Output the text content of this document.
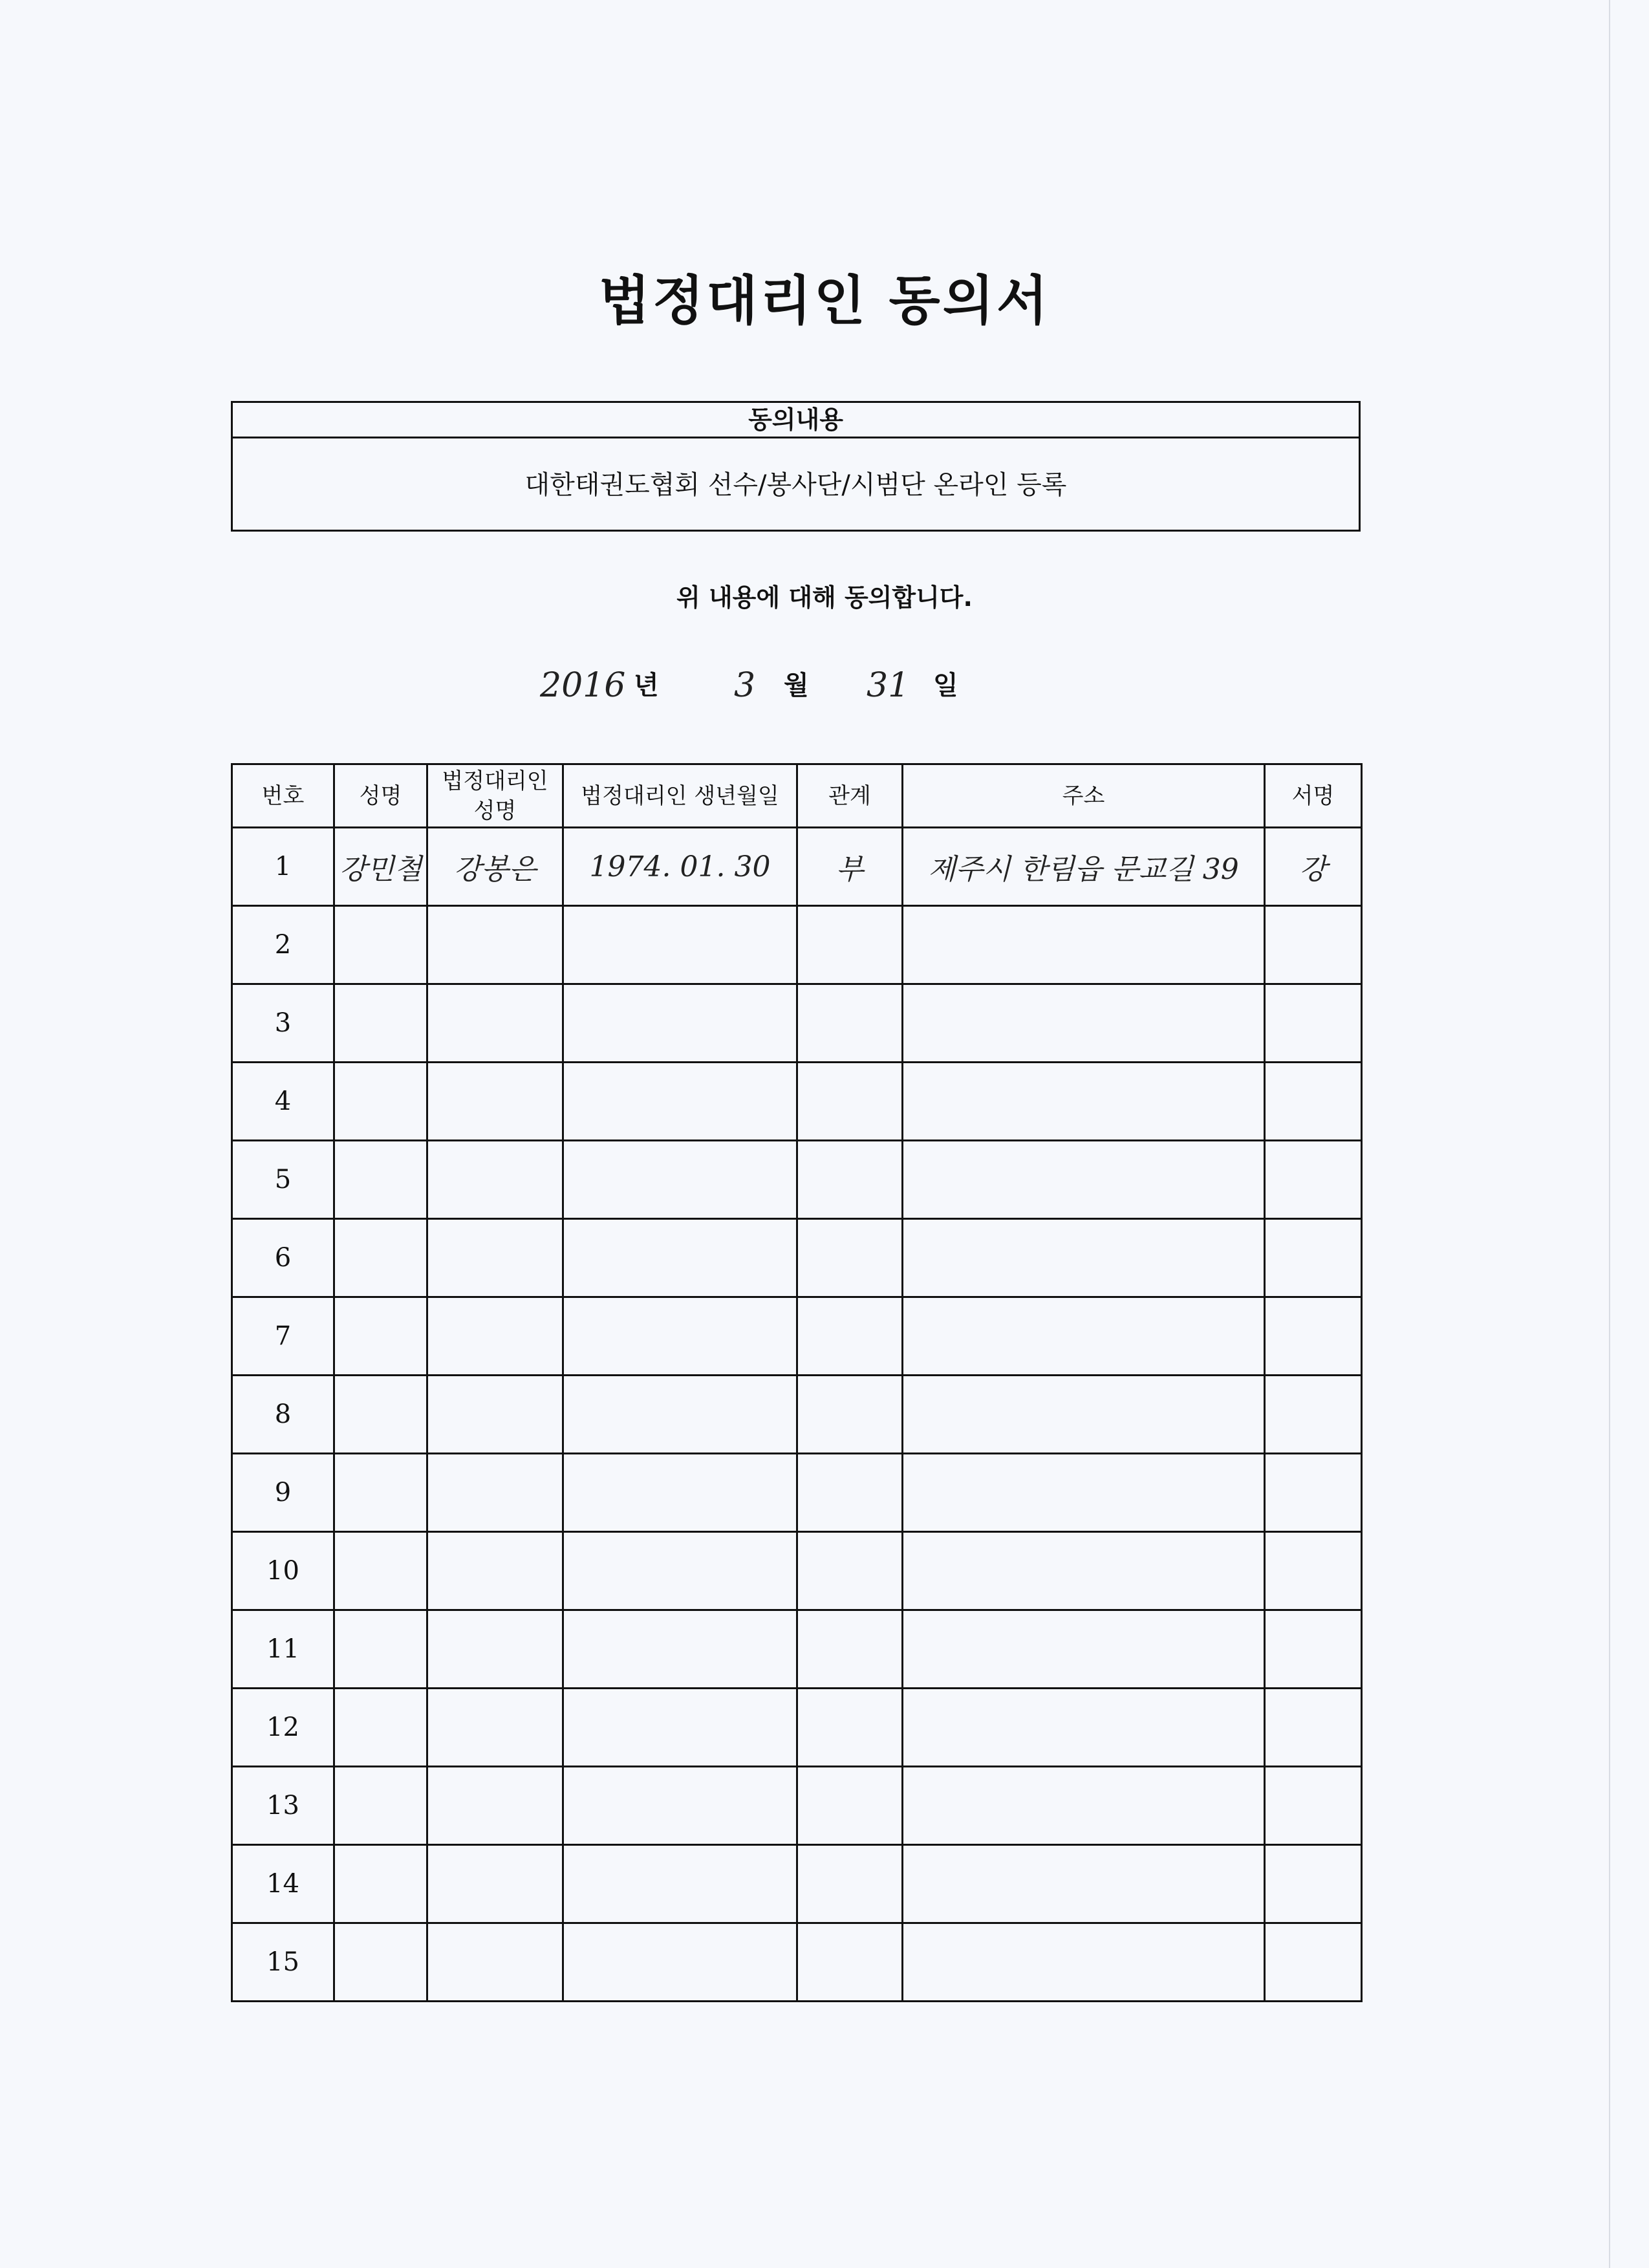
법정대리인 동의서
동의내용
대한태권도협회 선수/봉사단/시범단 온라인 등록
위 내용에 대해 동의합니다.
2016 년 3 월 31 일
번호	성명	법정대리인 성명	법정대리인 생년월일	관계	주소	서명
1	강민철	강봉은	1974. 01. 30	부	제주시 한림읍 문교길 39	강
2						
3						
4						
5						
6						
7						
8						
9						
10						
11						
12						
13						
14						
15						
